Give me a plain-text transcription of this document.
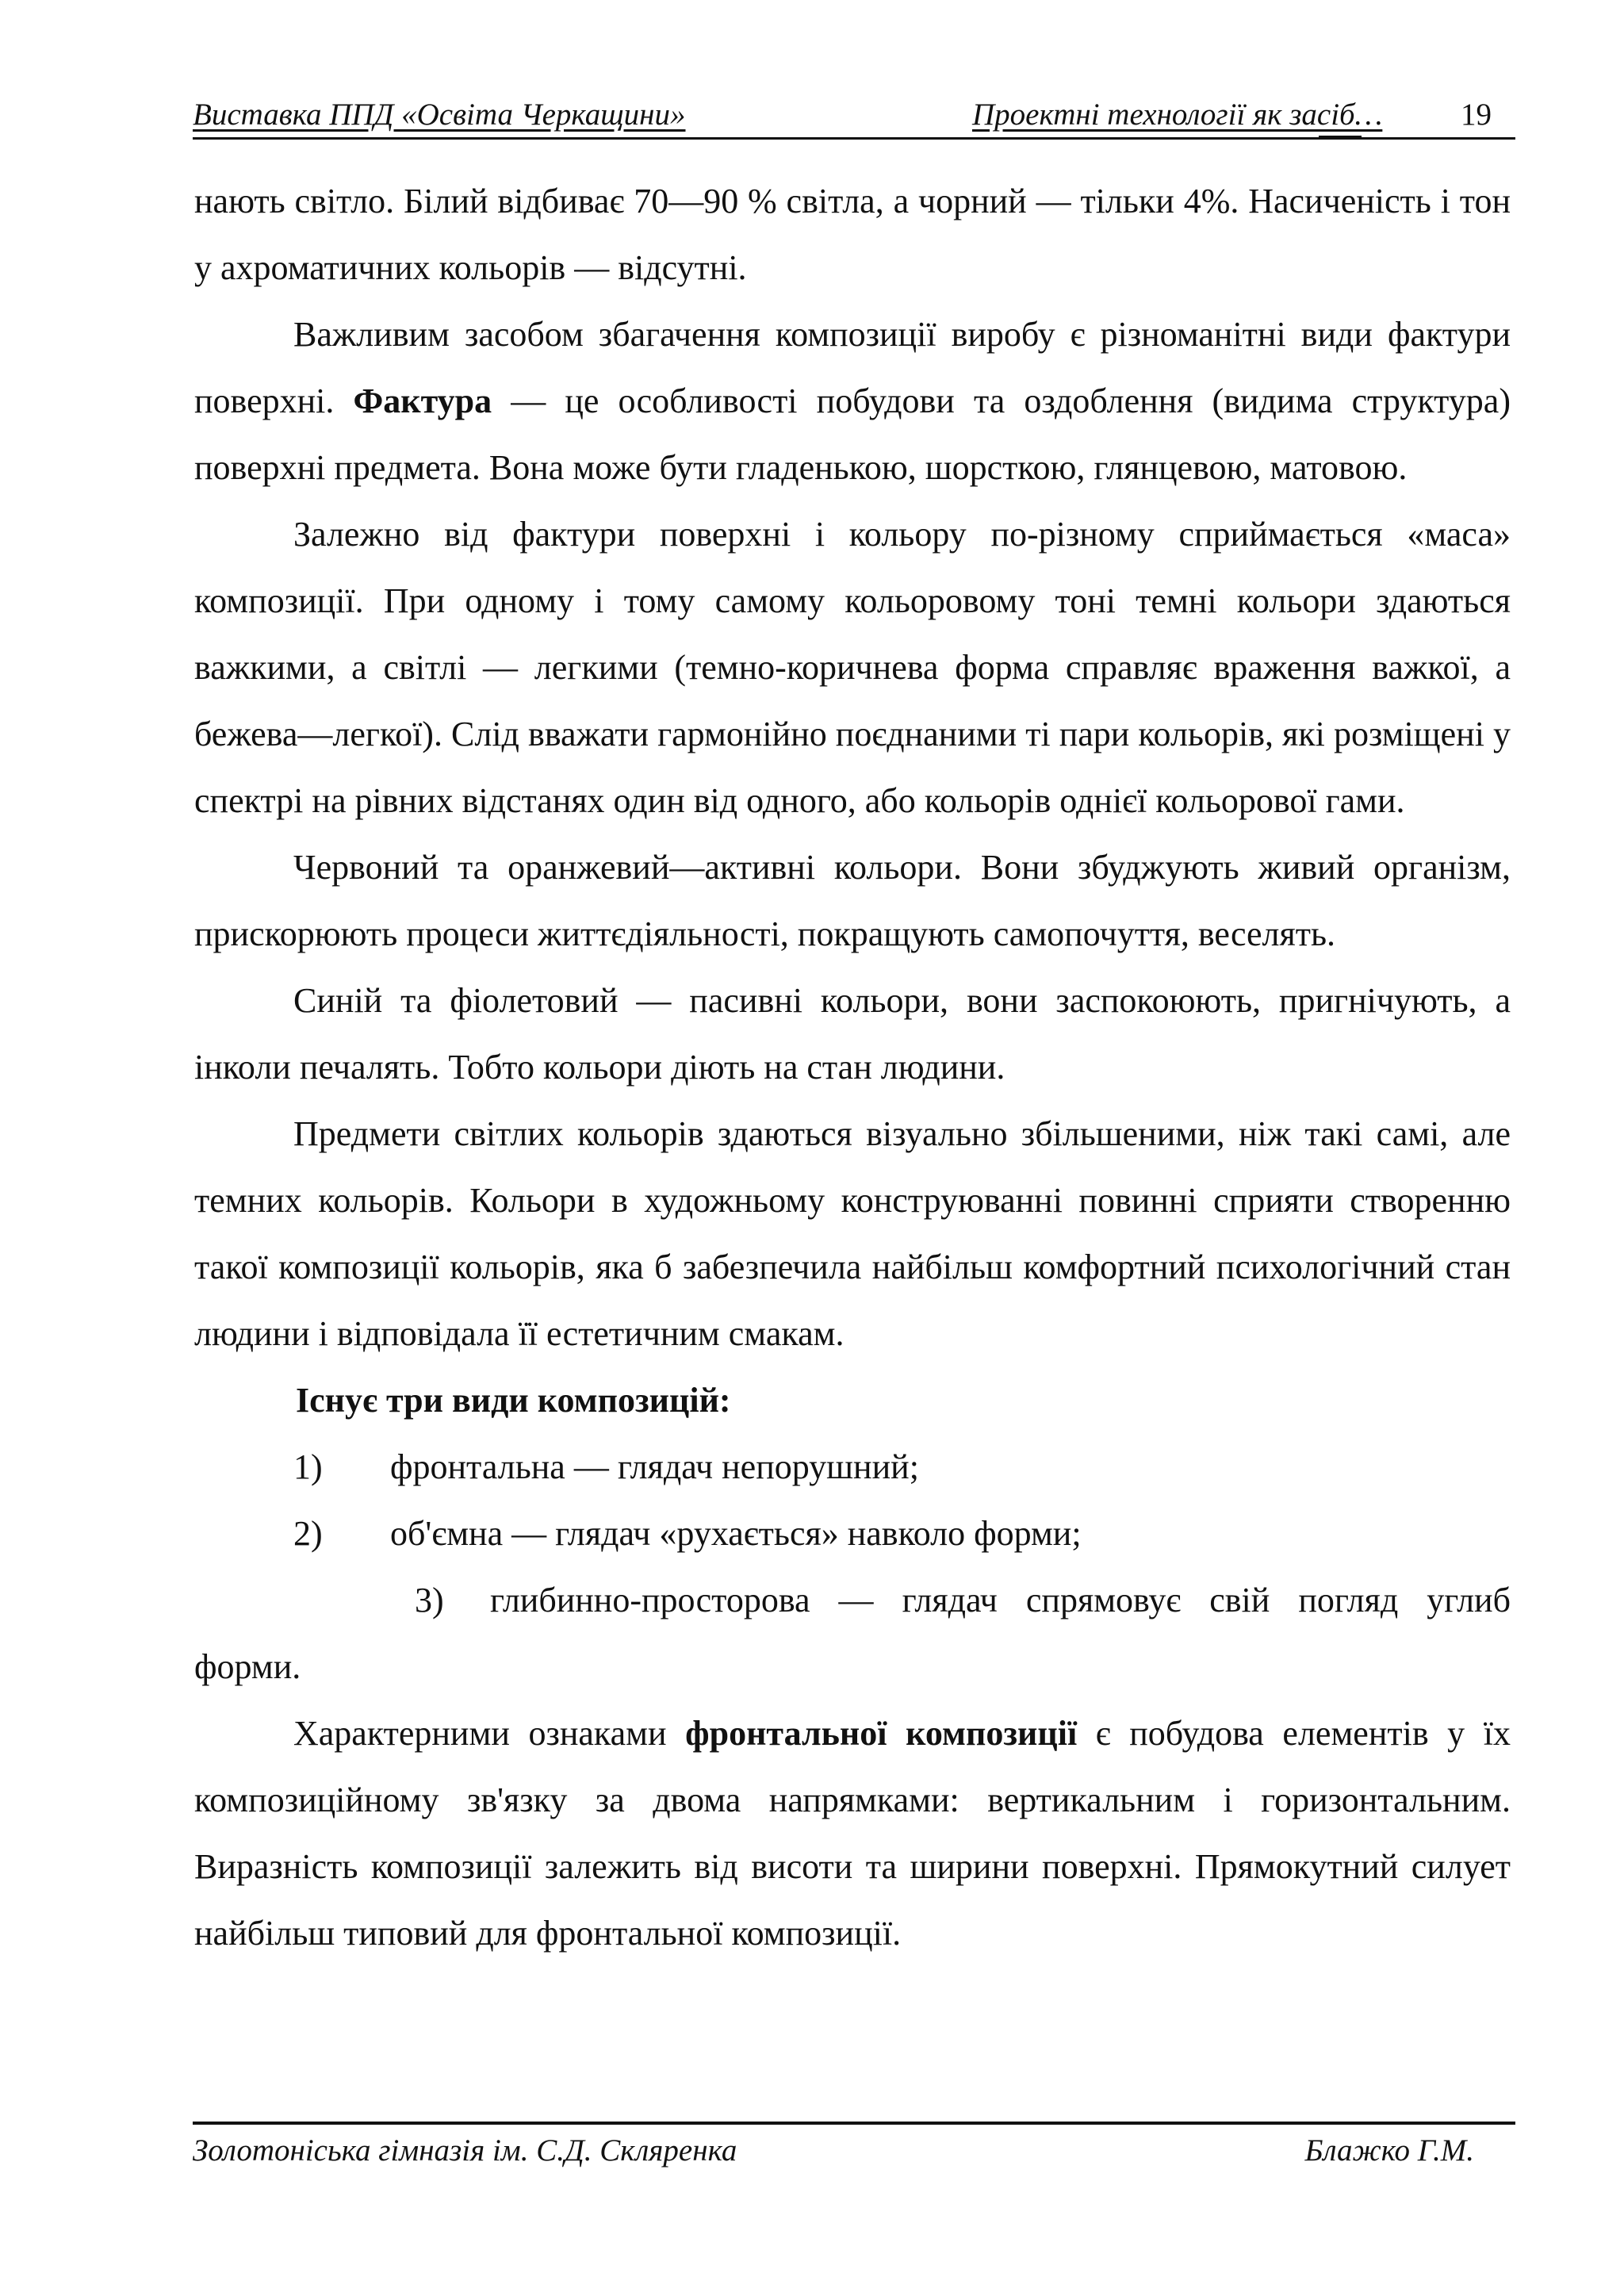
Виставка ППД «Освіта Черкащини»	Проектні технології як засіб…	19

нають світло. Білий відбиває 70—90 % світла, а чорний — тільки 4%. Насиченість і тон у ахроматичних кольорів — відсутні.

Важливим засобом збагачення композиції виробу є різноманітні види фактури поверхні. Фактура — це особливості побудови та оздоблення (видима структура) поверхні предмета. Вона може бути гладенькою, шорсткою, глянцевою, матовою.

Залежно від фактури поверхні і кольору по-різному сприймається «маса» композиції. При одному і тому самому кольоровому тоні темні кольори здаються важкими, а світлі — легкими (темно-коричнева форма справляє враження важкої, а бежева—легкої). Слід вважати гармонійно поєднаними ті пари кольорів, які розміщені у спектрі на рівних відстанях один від одного, або кольорів однієї кольорової гами.

Червоний та оранжевий—активні кольори. Вони збуджують живий організм, прискорюють процеси життєдіяльності, покращують самопочуття, веселять.

Синій та фіолетовий — пасивні кольори, вони заспокоюють, пригнічують, а інколи печалять. Тобто кольори діють на стан людини.

Предмети світлих кольорів здаються візуально збільшеними, ніж такі самі, але темних кольорів. Кольори в художньому конструюванні повинні сприяти створенню такої композиції кольорів, яка б забезпечила найбільш комфортний психологічний стан людини і відповідала її естетичним смакам.

Існує три види композицій:

1) фронтальна — глядач непорушний;

2) об'ємна — глядач «рухається» навколо форми;

3) глибинно-просторова — глядач спрямовує свій погляд углиб

форми.

Характерними ознаками фронтальної композиції є побудова елементів у їх композиційному зв'язку за двома напрямками: вертикальним і горизонтальним. Виразність композиції залежить від висоти та ширини поверхні. Прямокутний силует найбільш типовий для фронтальної композиції.

Золотоніська гімназія ім. С.Д. Скляренка	Блажко Г.М.
